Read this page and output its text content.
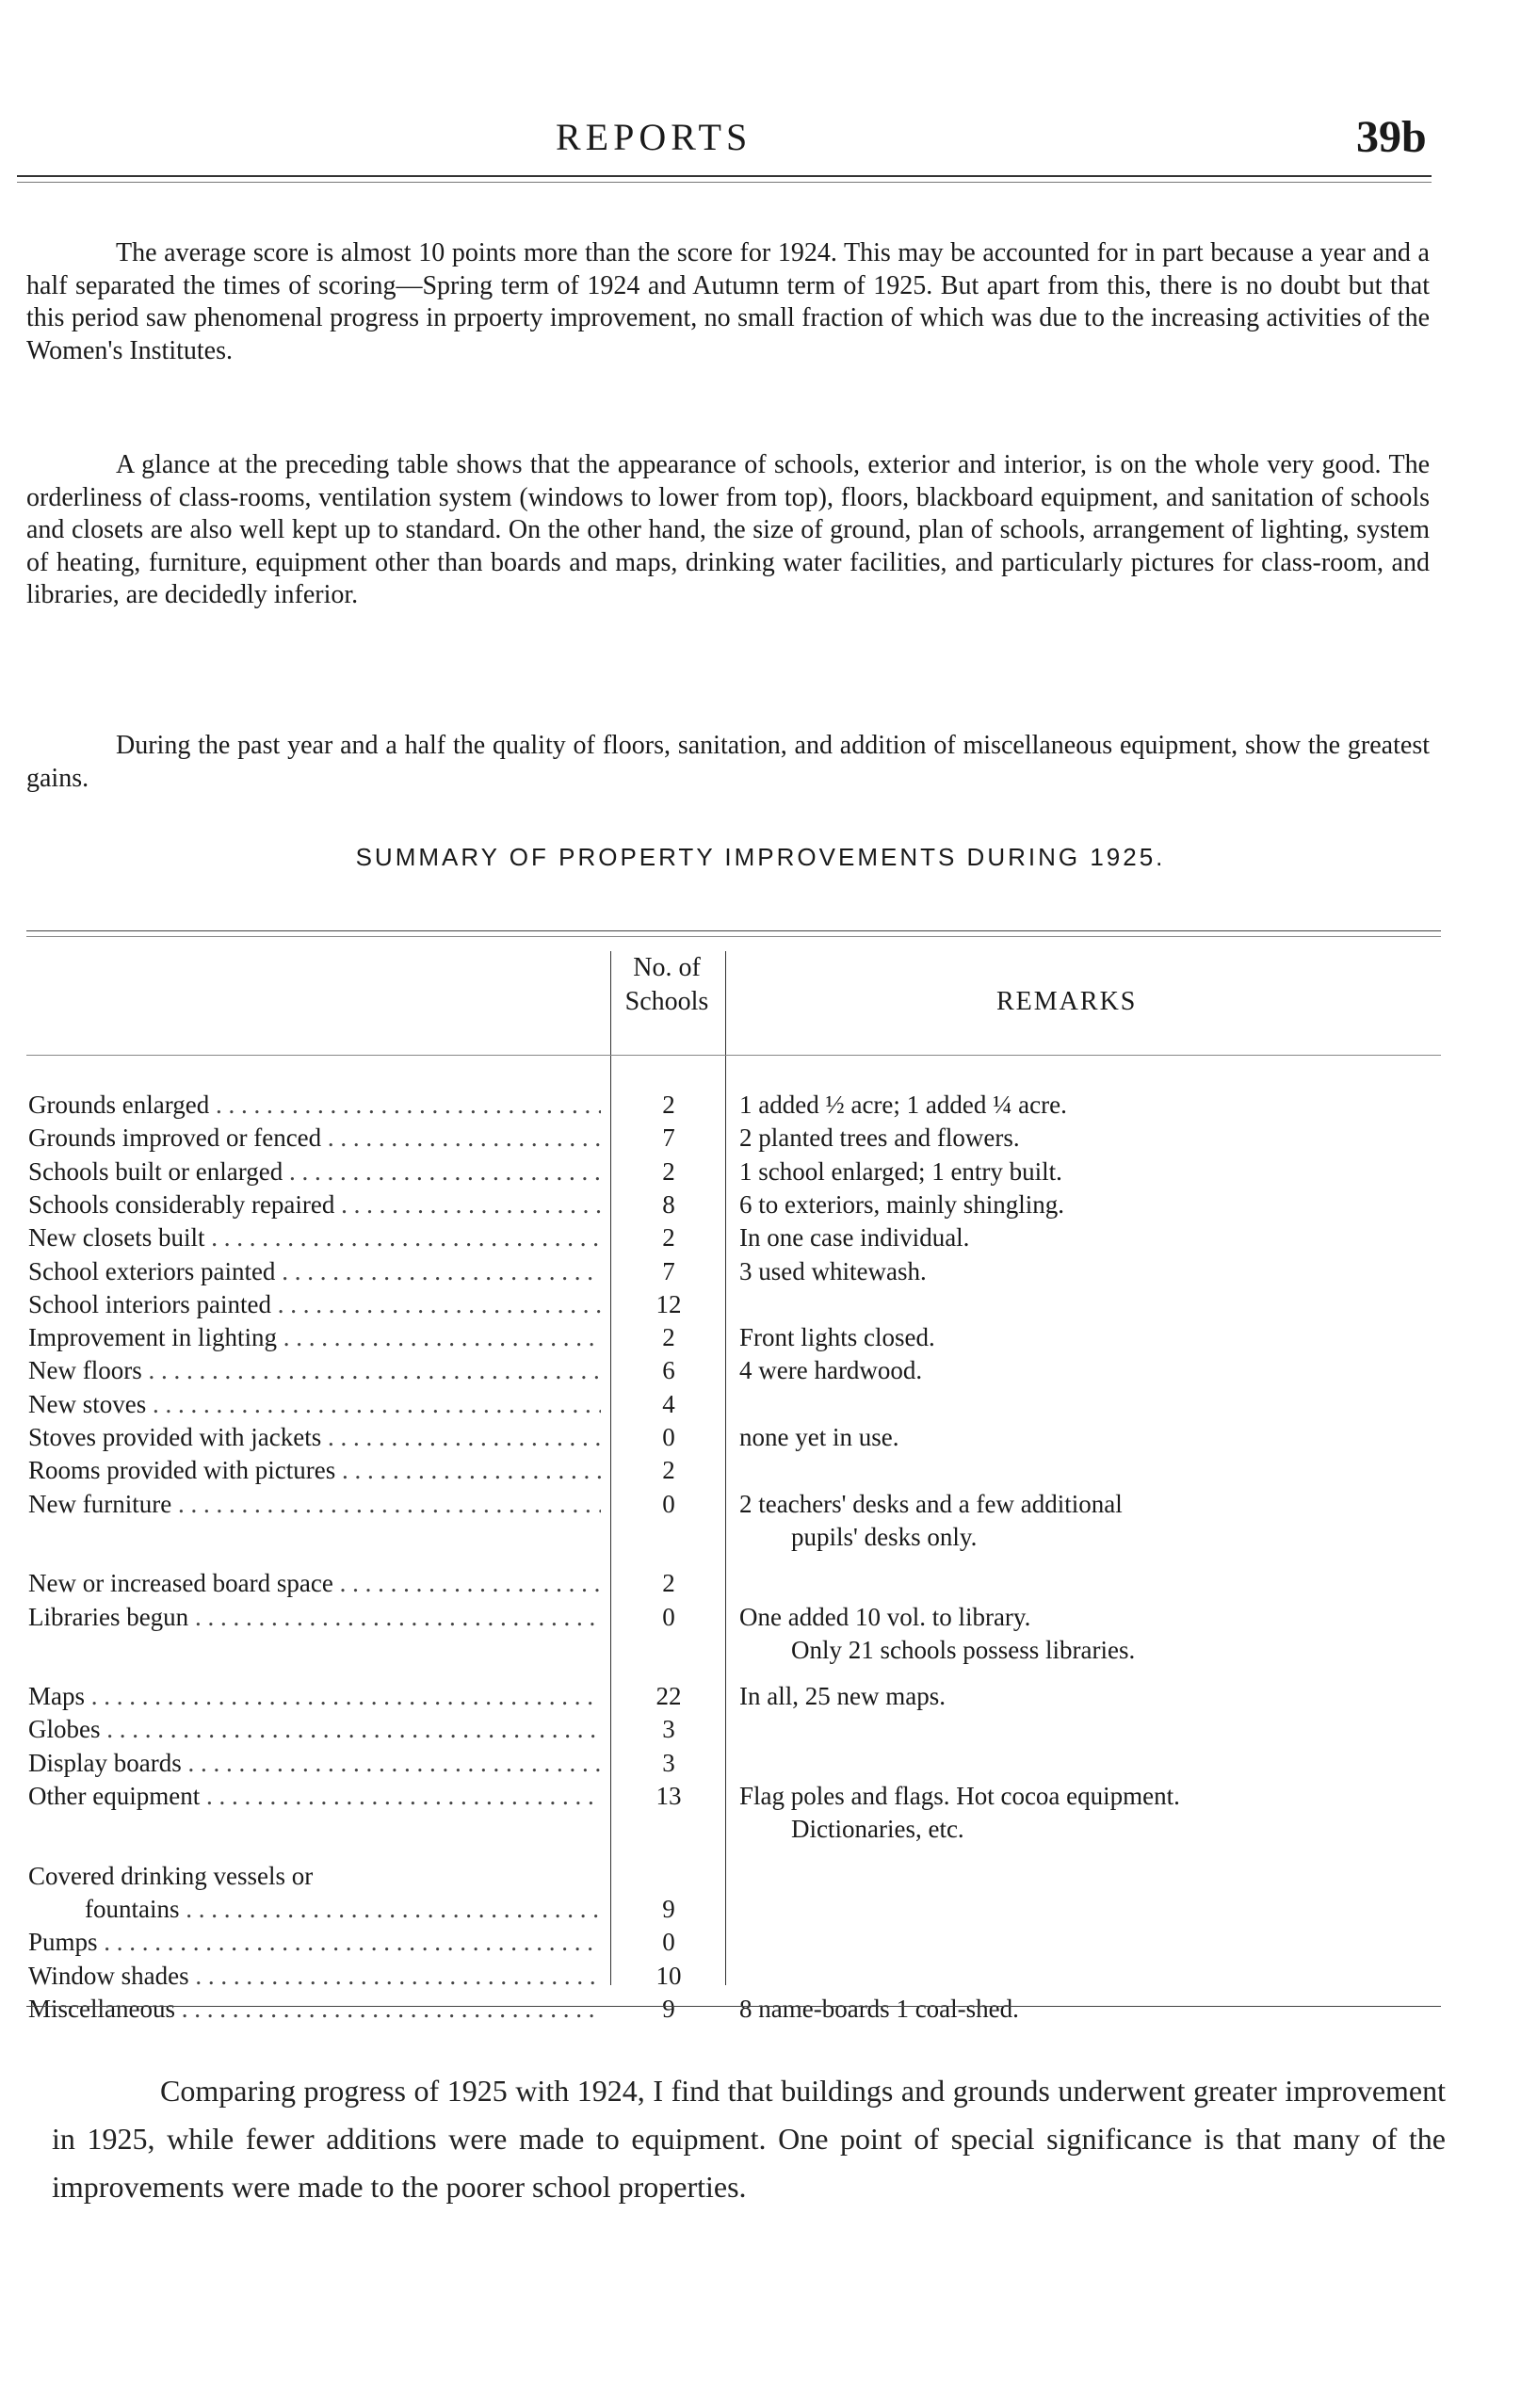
REPORTS	39b

The average score is almost 10 points more than the score for 1924. This may be accounted for in part because a year and a half separated the times of scoring—Spring term of 1924 and Autumn term of 1925. But apart from this, there is no doubt but that this period saw phenomenal progress in prpoerty improvement, no small fraction of which was due to the increasing activities of the Women's Institutes.

A glance at the preceding table shows that the appearance of schools, exterior and interior, is on the whole very good. The orderliness of class-rooms, ventilation system (windows to lower from top), floors, blackboard equipment, and sanitation of schools and closets are also well kept up to standard. On the other hand, the size of ground, plan of schools, arrangement of lighting, system of heating, furniture, equipment other than boards and maps, drinking water facilities, and particularly pictures for class-room, and libraries, are decidedly inferior.

During the past year and a half the quality of floors, sanitation, and addition of miscellaneous equipment, show the greatest gains.

SUMMARY OF PROPERTY IMPROVEMENTS DURING 1925.
No. of
Schools	REMARKS
Grounds enlarged . . .	2	1 added ½ acre; 1 added ¼ acre.
Grounds improved or fenced . . .	7	2 planted trees and flowers.
Schools built or enlarged . . .	2	1 school enlarged; 1 entry built.
Schools considerably repaired . . .	8	6 to exteriors, mainly shingling.
New closets built . . .	2	In one case individual.
School exteriors painted . . .	7	3 used whitewash.
School interiors painted . . .	12
Improvement in lighting . . .	2	Front lights closed.
New floors . . .	6	4 were hardwood.
New stoves . . .	4
Stoves provided with jackets . . .	0	none yet in use.
Rooms provided with pictures . . .	2
New furniture . . .	0	2 teachers' desks and a few additional
pupils' desks only.
New or increased board space . . .	2
Libraries begun . . .	0	One added 10 vol. to library.
Only 21 schools possess libraries.
Maps . . .	22	In all, 25 new maps.
Globes . . .	3
Display boards . . .	3
Other equipment . . .	13	Flag poles and flags. Hot cocoa equipment.
Dictionaries, etc.
Covered drinking vessels or
fountains . . .	9
Pumps . . .	0
Window shades . . .	10
Miscellaneous . . .	9	8 name-boards 1 coal-shed.

Comparing progress of 1925 with 1924, I find that buildings and grounds underwent greater improvement in 1925, while fewer additions were made to equipment. One point of special significance is that many of the improvements were made to the poorer school properties.
